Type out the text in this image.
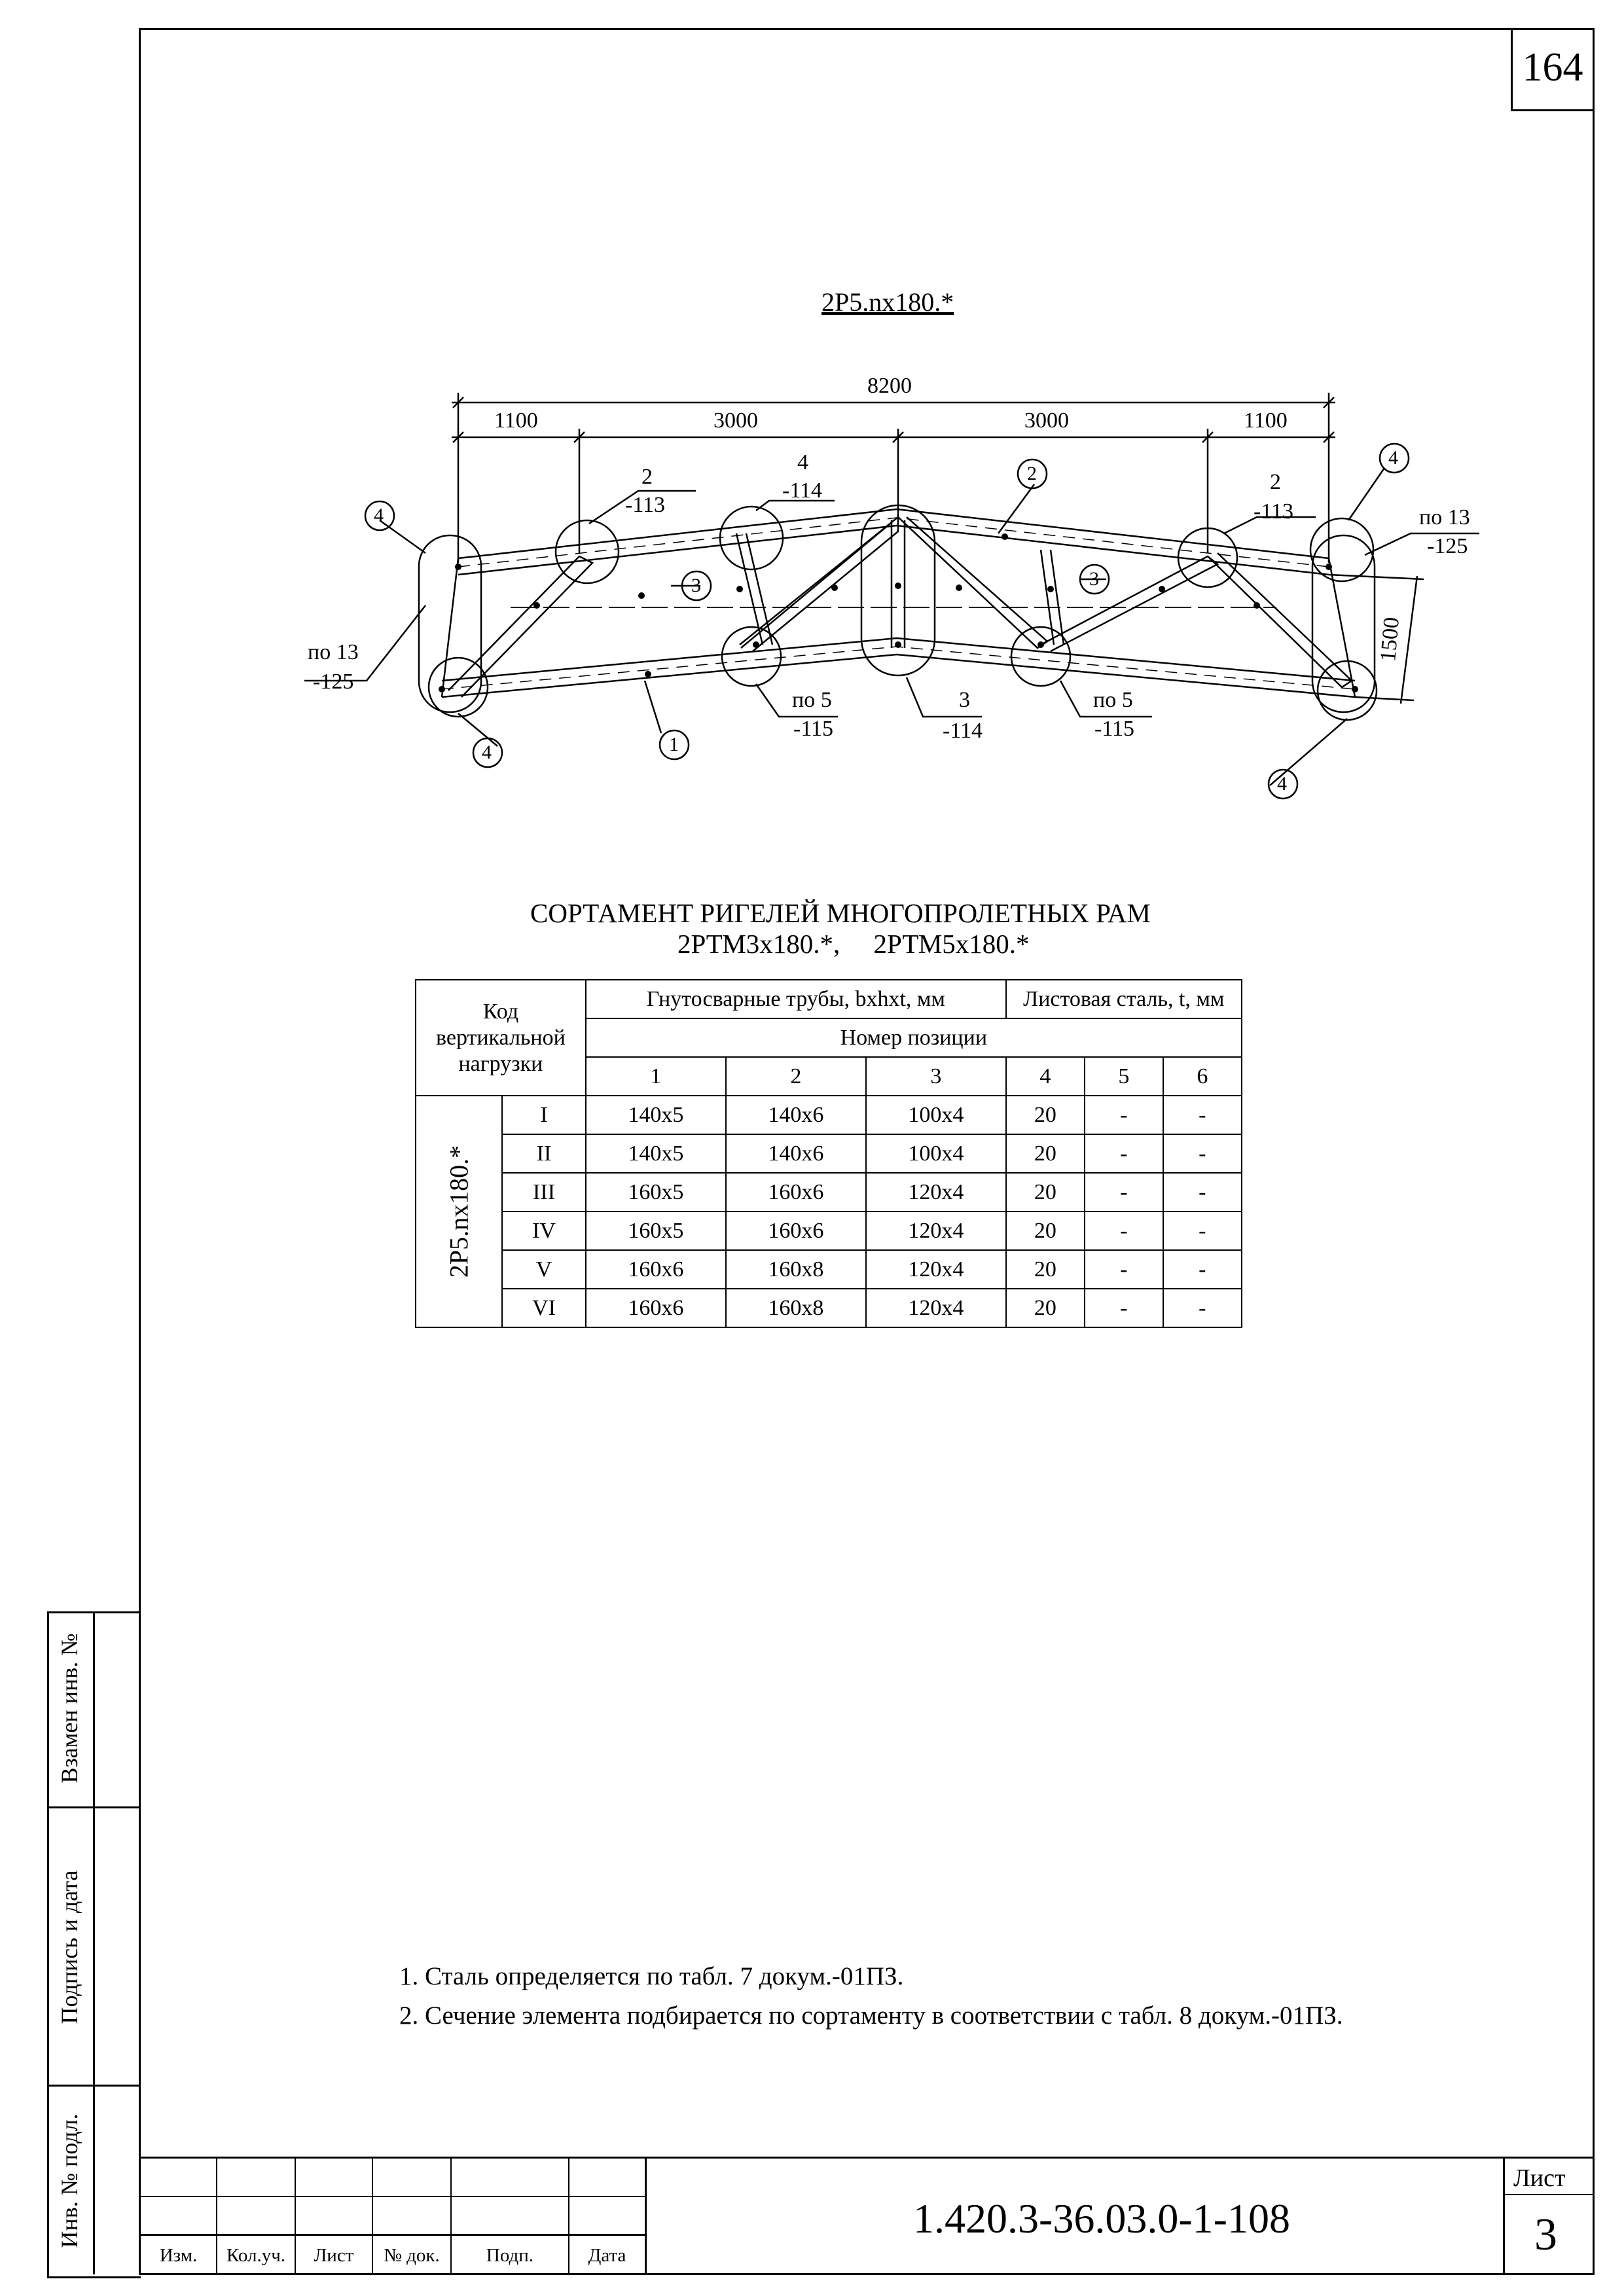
164
Взамен инв. №
Подпись и дата
Инв. № подл.
2Р5.nх180.*
8200
1100	3000	3000	1100
1500
4
4	1
3
2
3
4
4
2
-113
4
-114	2
-113	по 13
-125
по 13
-125
по 5
-115
3
-114
по 5
-115
СОРТАМЕНТ РИГЕЛЕЙ МНОГОПРОЛЕТНЫХ РАМ
2РТМ3х180.*,     2РТМ5х180.*
Код вертикальной нагрузки		Гнутосварные трубы, bxhxt, мм			Листовая сталь, t, мм		
		Номер позиции					
		1	2	3	4	5	6

2Р5.nх180.*	I	140х5	140х6	100х4	20	-	-
	II	140х5	140х6	100х4	20	-	-
	III	160х5	160х6	120х4	20	-	-
	IV	160х5	160х6	120х4	20	-	-
	V	160х6	160х8	120х4	20	-	-
	VI	160х6	160х8	120х4	20	-	-
1. Сталь определяется по табл. 7 докум.-01ПЗ.
2. Сечение элемента подбирается по сортаменту в соответствии с табл. 8 докум.-01ПЗ.
Изм.	Кол.уч.	Лист	№ док.	Подп.	Дата
1.420.3-36.03.0-1-108
Лист
3
